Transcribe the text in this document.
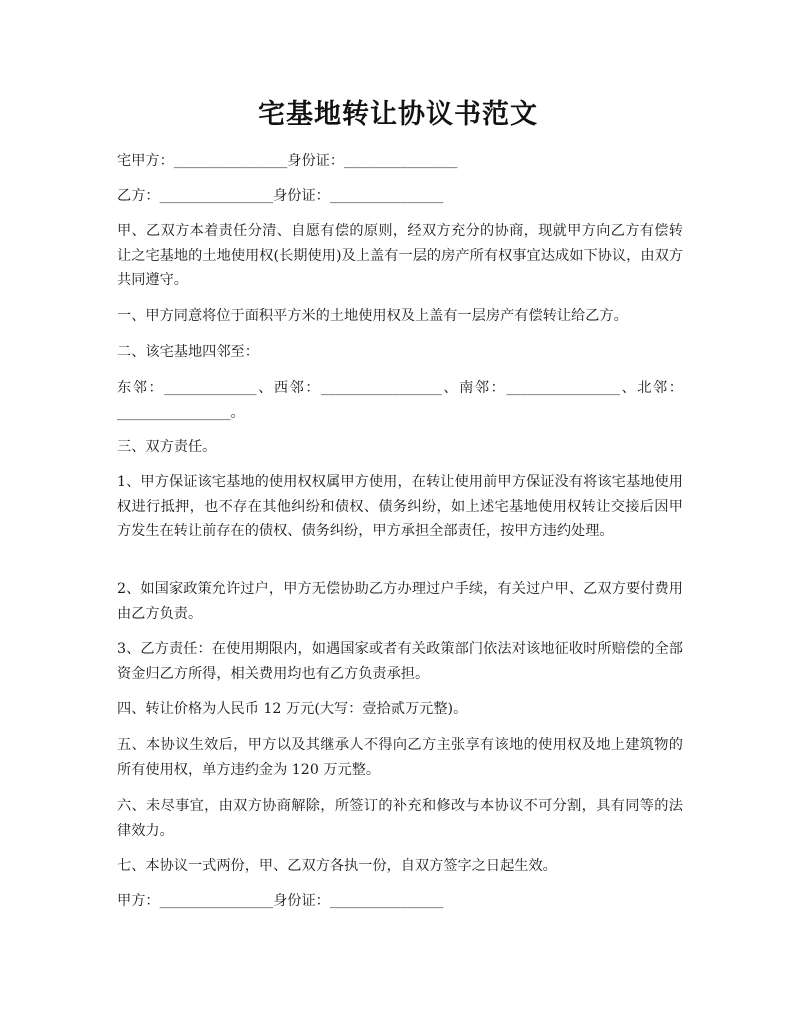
宅基地转让协议书范文
宅甲方：________________身份证：________________
乙方：________________身份证：________________
甲、乙双方本着责任分清、自愿有偿的原则，经双方充分的协商，现就甲方向乙方有偿转让之宅基地的土地使用权(长期使用)及上盖有一层的房产所有权事宜达成如下协议，由双方共同遵守。
一、甲方同意将位于面积平方米的土地使用权及上盖有一层房产有偿转让给乙方。
二、该宅基地四邻至：
东邻：_____________、西邻：_________________、南邻：________________、北邻：________________。
三、双方责任。
1、甲方保证该宅基地的使用权权属甲方使用，在转让使用前甲方保证没有将该宅基地使用权进行抵押，也不存在其他纠纷和债权、债务纠纷，如上述宅基地使用权转让交接后因甲方发生在转让前存在的债权、债务纠纷，甲方承担全部责任，按甲方违约处理。
2、如国家政策允许过户，甲方无偿协助乙方办理过户手续，有关过户甲、乙双方要付费用由乙方负责。
3、乙方责任：在使用期限内，如遇国家或者有关政策部门依法对该地征收时所赔偿的全部资金归乙方所得，相关费用均也有乙方负责承担。
四、转让价格为人民币 12 万元(大写：壹拾贰万元整)。
五、本协议生效后，甲方以及其继承人不得向乙方主张享有该地的使用权及地上建筑物的所有使用权，单方违约金为 120 万元整。
六、未尽事宜，由双方协商解除，所签订的补充和修改与本协议不可分割，具有同等的法律效力。
七、本协议一式两份，甲、乙双方各执一份，自双方签字之日起生效。
甲方：________________身份证：________________
